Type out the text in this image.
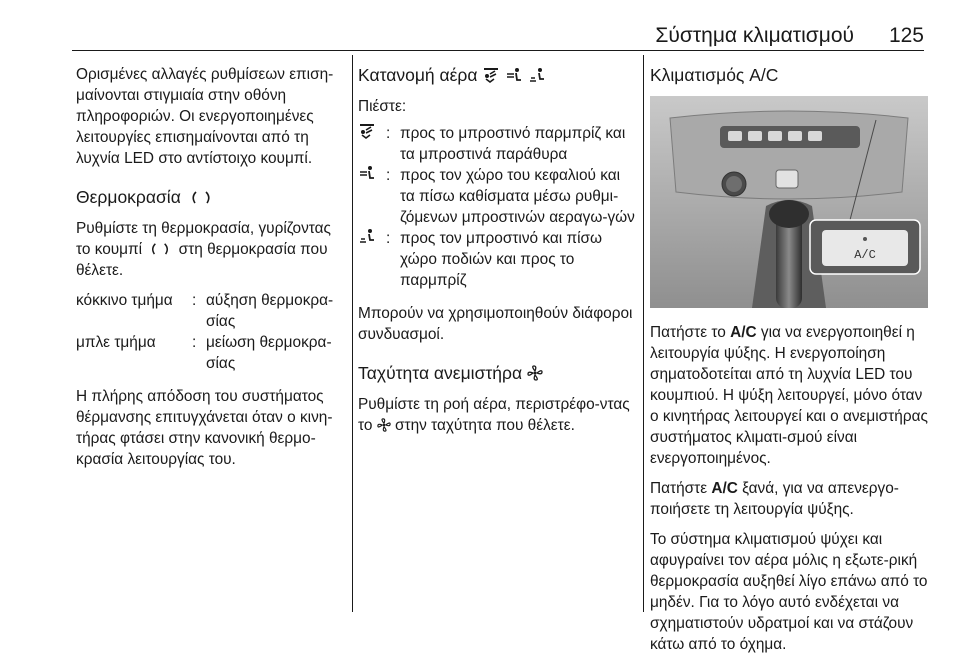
Σύστημα κλιματισμού 125

Ορισμένες αλλαγές ρυθμίσεων επιση-μαίνονται στιγμιαία στην οθόνη πληροφοριών. Οι ενεργοποιημένες λειτουργίες επισημαίνονται από τη λυχνία LED στο αντίστοιχο κουμπί.

Θερμοκρασία

Ρυθμίστε τη θερμοκρασία, γυρίζοντας το κουμπί στη θερμοκρασία που θέλετε.

κόκκινο τμήμα	: αύξηση θερμοκρα-σίας
μπλε τμήμα	: μείωση θερμοκρα-σίας

Η πλήρης απόδοση του συστήματος θέρμανσης επιτυγχάνεται όταν ο κινη-τήρας φτάσει στην κανονική θερμο-κρασία λειτουργίας του.

Κατανομή αέρα

Πιέστε:

: προς το μπροστινό παρμπρίζ και τα μπροστινά παράθυρα
: προς τον χώρο του κεφαλιού και τα πίσω καθίσματα μέσω ρυθμι-ζόμενων μπροστινών αεραγω-γών
: προς τον μπροστινό και πίσω χώρο ποδιών και προς το παρμπρίζ

Μπορούν να χρησιμοποιηθούν διάφοροι συνδυασμοί.

Ταχύτητα ανεμιστήρα

Ρυθμίστε τη ροή αέρα, περιστρέφο-ντας το στην ταχύτητα που θέλετε.

Κλιματισμός A/C
A/C

Πατήστε το A/C για να ενεργοποιηθεί η λειτουργία ψύξης. Η ενεργοποίηση σηματοδοτείται από τη λυχνία LED του κουμπιού. Η ψύξη λειτουργεί, μόνο όταν ο κινητήρας λειτουργεί και ο ανεμιστήρας συστήματος κλιματι-σμού είναι ενεργοποιημένος.

Πατήστε A/C ξανά, για να απενεργο-ποιήσετε τη λειτουργία ψύξης.

Το σύστημα κλιματισμού ψύχει και αφυγραίνει τον αέρα μόλις η εξωτε-ρική θερμοκρασία αυξηθεί λίγο επάνω από το μηδέν. Για το λόγο αυτό ενδέχεται να σχηματιστούν υδρατμοί και να στάζουν κάτω από το όχημα.
